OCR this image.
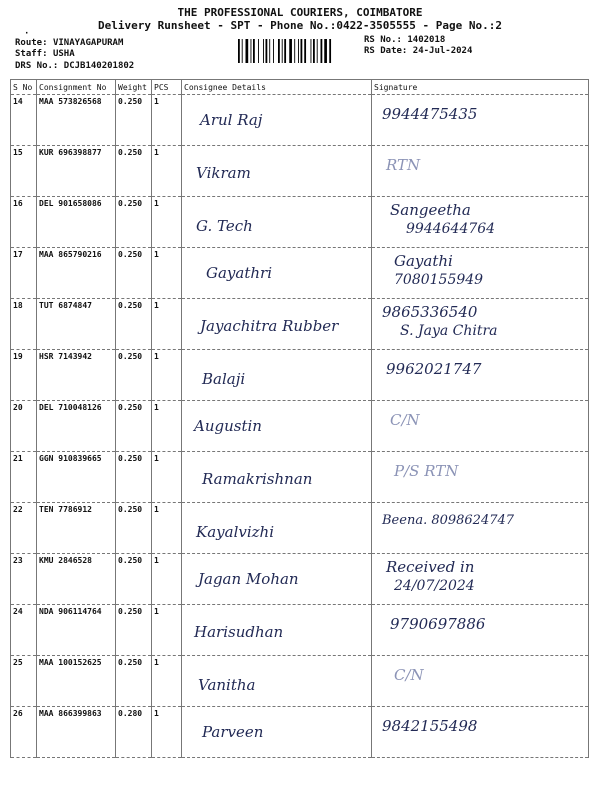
THE PROFESSIONAL COURIERS, COIMBATORE
Delivery Runsheet - SPT - Phone No.:0422-3505555 - Page No.:2
·
Route: VINAYAGAPURAM
Staff: USHA
DRS No.: DCJB140201802
RS No.: 1402018
RS Date: 24-Jul-2024
S No	Consignment No	Weight	PCS	Consignee Details	Signature
14	MAA 573826568	0.250	1	Arul Raj	9944475435

15	KUR 696398877	0.250	1	Vikram	RTN

16	DEL 901658086	0.250	1	G. Tech	Sangeetha
9944644764

17	MAA 865790216	0.250	1	Gayathri	Gayathi
7080155949

18	TUT 6874847	0.250	1	Jayachitra Rubber	9865336540
S. Jaya Chitra

19	HSR 7143942	0.250	1	Balaji	9962021747

20	DEL 710048126	0.250	1	Augustin	C/N

21	GGN 910839665	0.250	1	Ramakrishnan	P/S RTN

22	TEN 7786912	0.250	1	Kayalvizhi	Beena. 8098624747

23	KMU 2846528	0.250	1	Jagan Mohan	Received in
24/07/2024

24	NDA 906114764	0.250	1	Harisudhan	9790697886

25	MAA 100152625	0.250	1	Vanitha	C/N

26	MAA 866399863	0.280	1	Parveen	9842155498
